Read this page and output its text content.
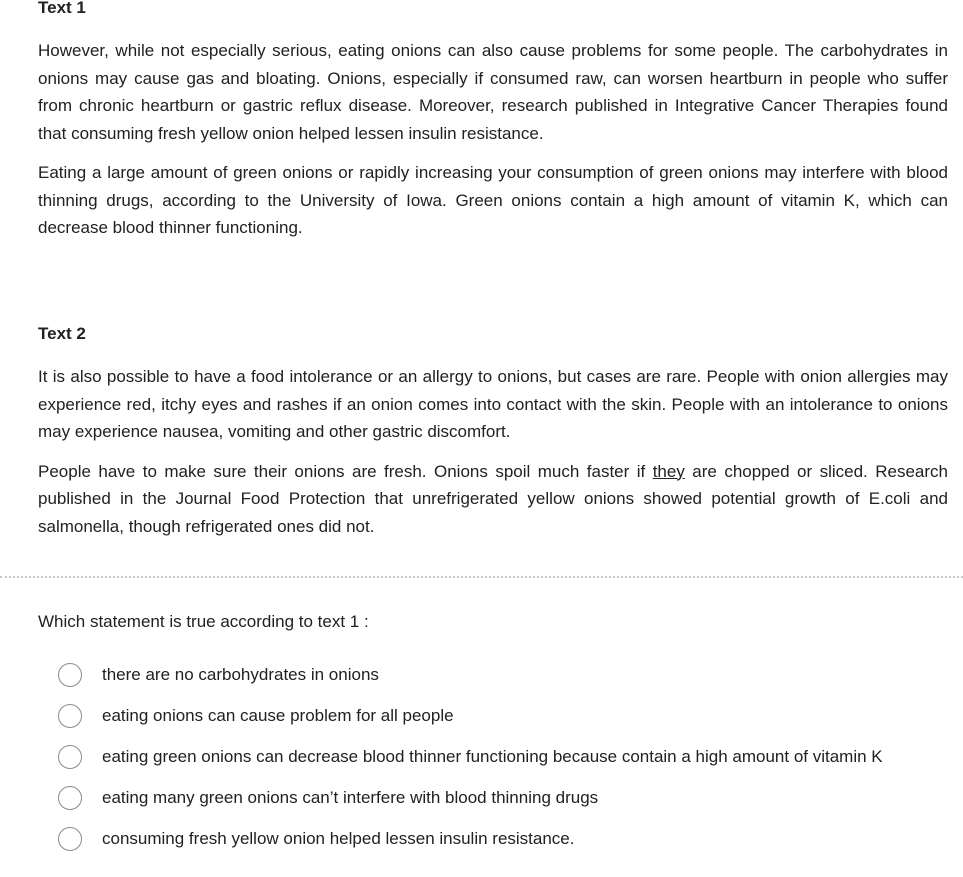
Text 1

However, while not especially serious, eating onions can also cause problems for some people. The carbohydrates in onions may cause gas and bloating. Onions, especially if consumed raw, can worsen heartburn in people who suffer from chronic heartburn or gastric reflux disease. Moreover, research published in Integrative Cancer Therapies found that consuming fresh yellow onion helped lessen insulin resistance.

Eating a large amount of green onions or rapidly increasing your consumption of green onions may interfere with blood thinning drugs, according to the University of Iowa. Green onions contain a high amount of vitamin K, which can decrease blood thinner functioning.

Text 2

It is also possible to have a food intolerance or an allergy to onions, but cases are rare. People with onion allergies may experience red, itchy eyes and rashes if an onion comes into contact with the skin. People with an intolerance to onions may experience nausea, vomiting and other gastric discomfort.

People have to make sure their onions are fresh. Onions spoil much faster if they are chopped or sliced. Research published in the Journal Food Protection that unrefrigerated yellow onions showed potential growth of E.coli and salmonella, though refrigerated ones did not.

Which statement is true according to text 1 :
there are no carbohydrates in onions
eating onions can cause problem for all people
eating green onions can decrease blood thinner functioning because contain a high amount of vitamin K
eating many green onions can’t interfere with blood thinning drugs
consuming fresh yellow onion helped lessen insulin resistance.
